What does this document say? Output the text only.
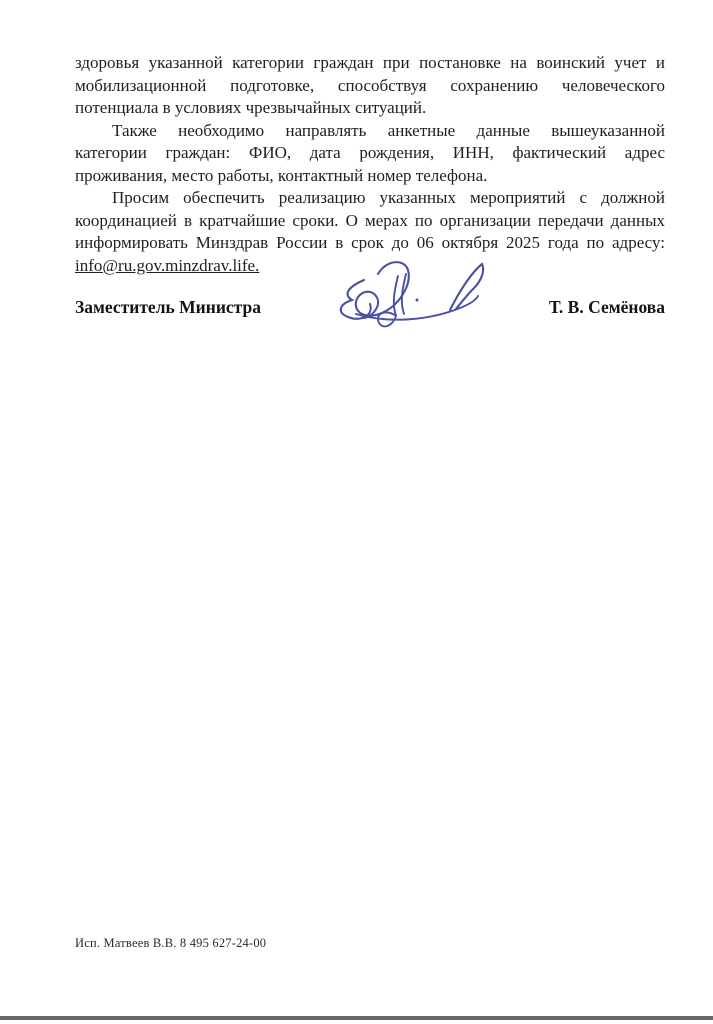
здоровья указанной категории граждан при постановке на воинский учет и
мобилизационной подготовке, способствуя сохранению человеческого
потенциала в условиях чрезвычайных ситуаций.
Также необходимо направлять анкетные данные вышеуказанной
категории граждан: ФИО, дата рождения, ИНН, фактический адрес
проживания, место работы, контактный номер телефона.
Просим обеспечить реализацию указанных мероприятий с должной
координацией в кратчайшие сроки. О мерах по организации передачи данных
информировать Минздрав России в срок до 06 октября 2025 года по адресу:
info@ru.gov.minzdrav.life.
Заместитель Министра	Т. В. Семёнова
Исп. Матвеев В.В. 8 495 627-24-00
